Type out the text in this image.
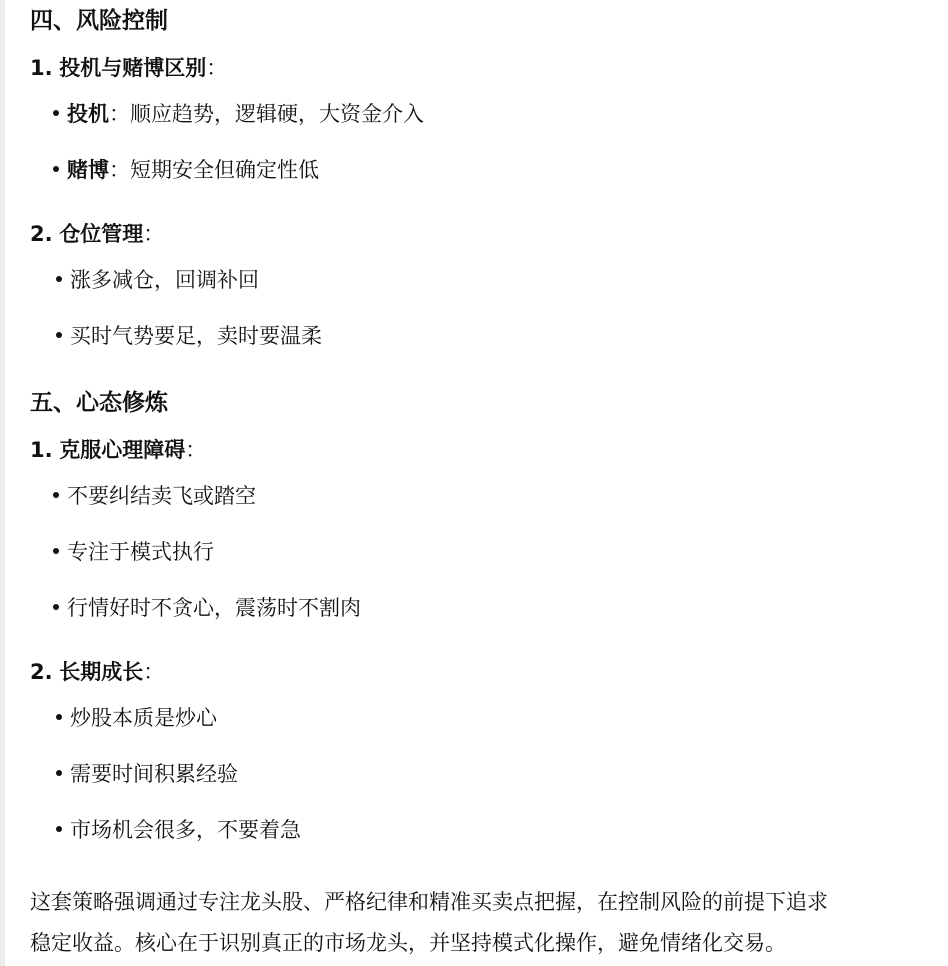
四、风险控制
1. 投机与赌博区别：
投机：顺应趋势，逻辑硬，大资金介入
赌博：短期安全但确定性低
2. 仓位管理：
涨多减仓，回调补回
买时气势要足，卖时要温柔
五、心态修炼
1. 克服心理障碍：
不要纠结卖飞或踏空
专注于模式执行
行情好时不贪心，震荡时不割肉
2. 长期成长：
炒股本质是炒心
需要时间积累经验
市场机会很多，不要着急
这套策略强调通过专注龙头股、严格纪律和精准买卖点把握，在控制风险的前提下追求
稳定收益。核心在于识别真正的市场龙头，并坚持模式化操作，避免情绪化交易。
